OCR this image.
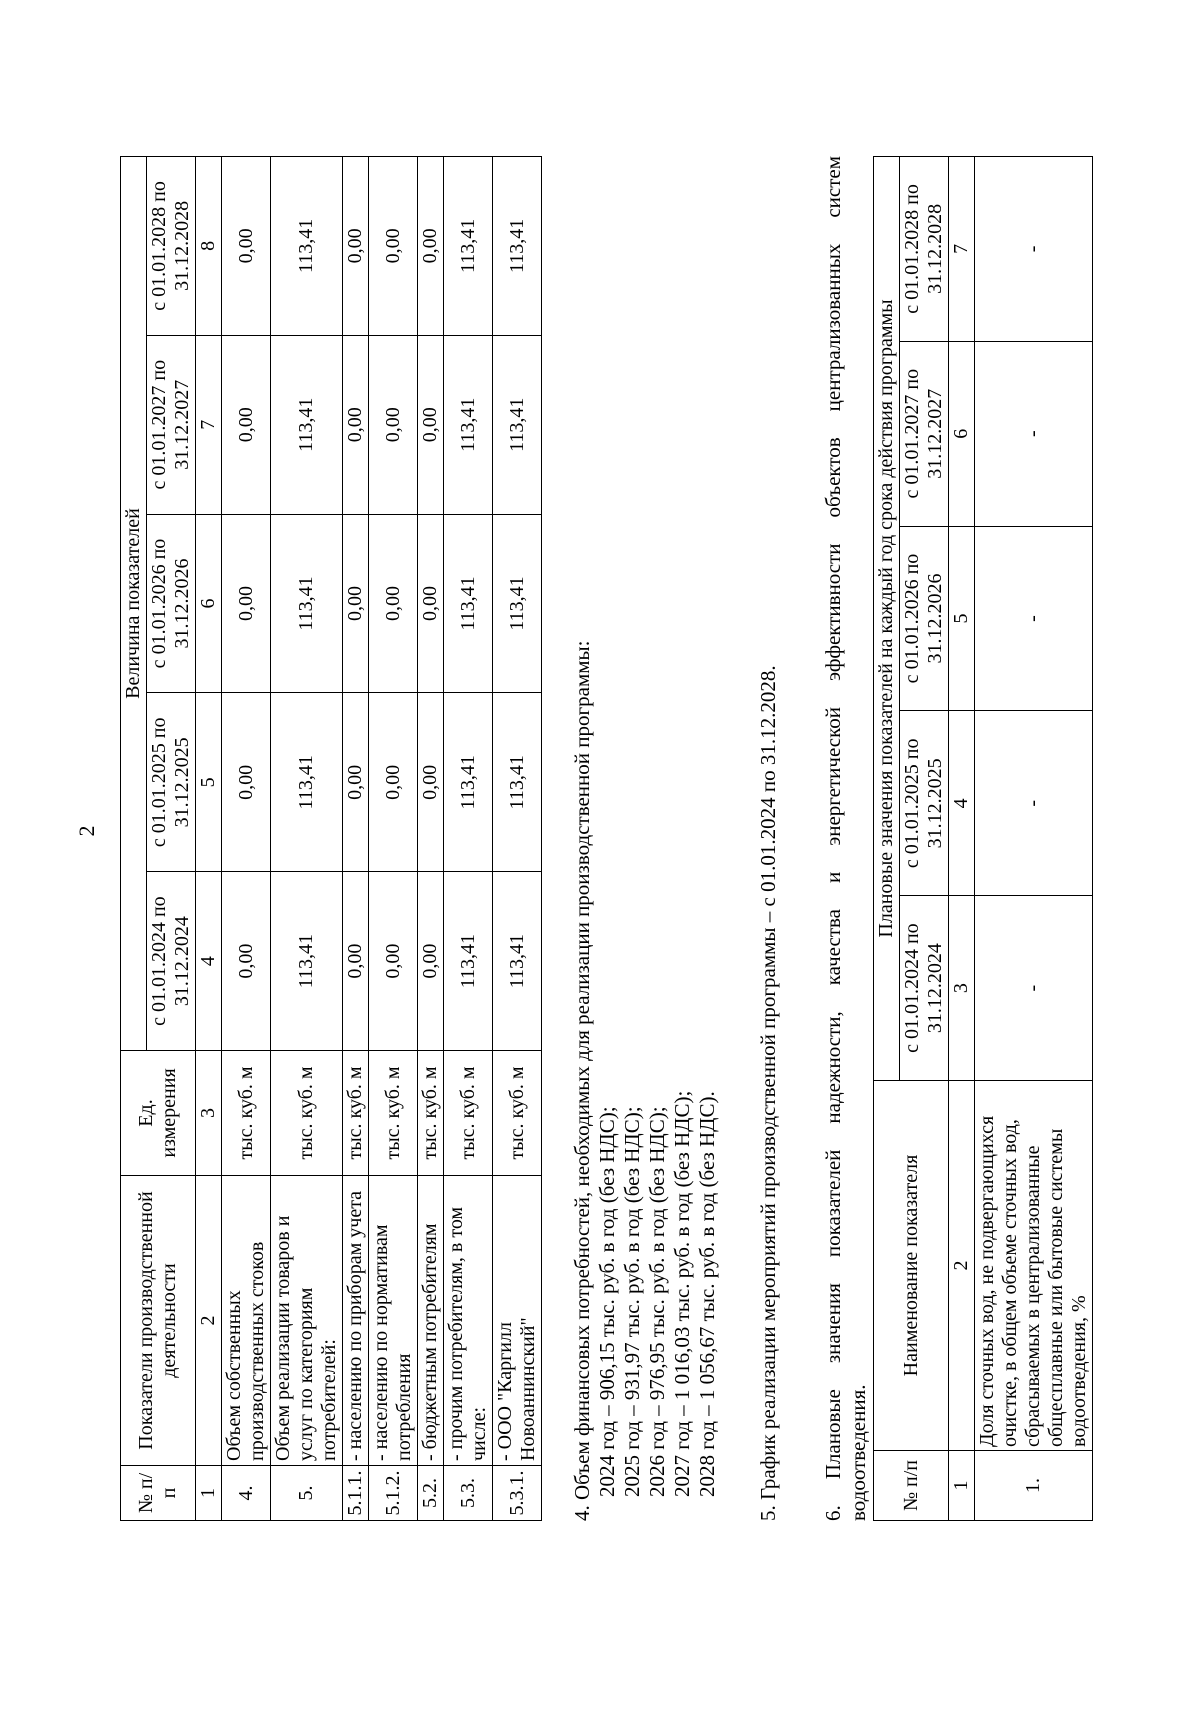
2
№ п/п	Показатели производственной деятельности	Ед. измерения	Величина показателей				
			с 01.01.2024 по 31.12.2024	с 01.01.2025 по 31.12.2025	с 01.01.2026 по 31.12.2026	с 01.01.2027 по 31.12.2027	с 01.01.2028 по 31.12.2028
1	2	3	4	5	6	7	8
4.	Объем собственных производственных стоков	тыс. куб. м	0,00	0,00	0,00	0,00	0,00
5.	Объем реализации товаров и услуг по категориям потребителей:	тыс. куб. м	113,41	113,41	113,41	113,41	113,41
5.1.1.	- населению по приборам учета	тыс. куб. м	0,00	0,00	0,00	0,00	0,00
5.1.2.	- населению по нормативам потребления	тыс. куб. м	0,00	0,00	0,00	0,00	0,00
5.2.	- бюджетным потребителям	тыс. куб. м	0,00	0,00	0,00	0,00	0,00
5.3.	- прочим потребителям, в том числе:	тыс. куб. м	113,41	113,41	113,41	113,41	113,41
5.3.1.	- ООО "Каргилл Новоаннинский"	тыс. куб. м	113,41	113,41	113,41	113,41	113,41

4. Объем финансовых потребностей, необходимых для реализации производственной программы: 2024 год – 906,15 тыс. руб. в год (без НДС); 2025 год – 931,97 тыс. руб. в год (без НДС); 2026 год – 976,95 тыс. руб. в год (без НДС); 2027 год – 1 016,03 тыс. руб. в год (без НДС); 2028 год – 1 056,67 тыс. руб. в год (без НДС). 5. График реализации мероприятий производственной программы – с 01.01.2024 по 31.12.2028. 6. Плановые значения показателей надежности, качества и энергетической эффективности объектов централизованных систем водоотведения. № п/п	Наименование показателя	Плановые значения показателей на каждый год срока действия программы				
		с 01.01.2024 по 31.12.2024	с 01.01.2025 по 31.12.2025	с 01.01.2026 по 31.12.2026	с 01.01.2027 по 31.12.2027	с 01.01.2028 по 31.12.2028
1	2	3	4	5	6	7
1.	Доля сточных вод, не подвергающихся очистке, в общем объеме сточных вод, сбрасываемых в централизованные общесплавные или бытовые системы водоотведения, %	-	-	-	-	-
